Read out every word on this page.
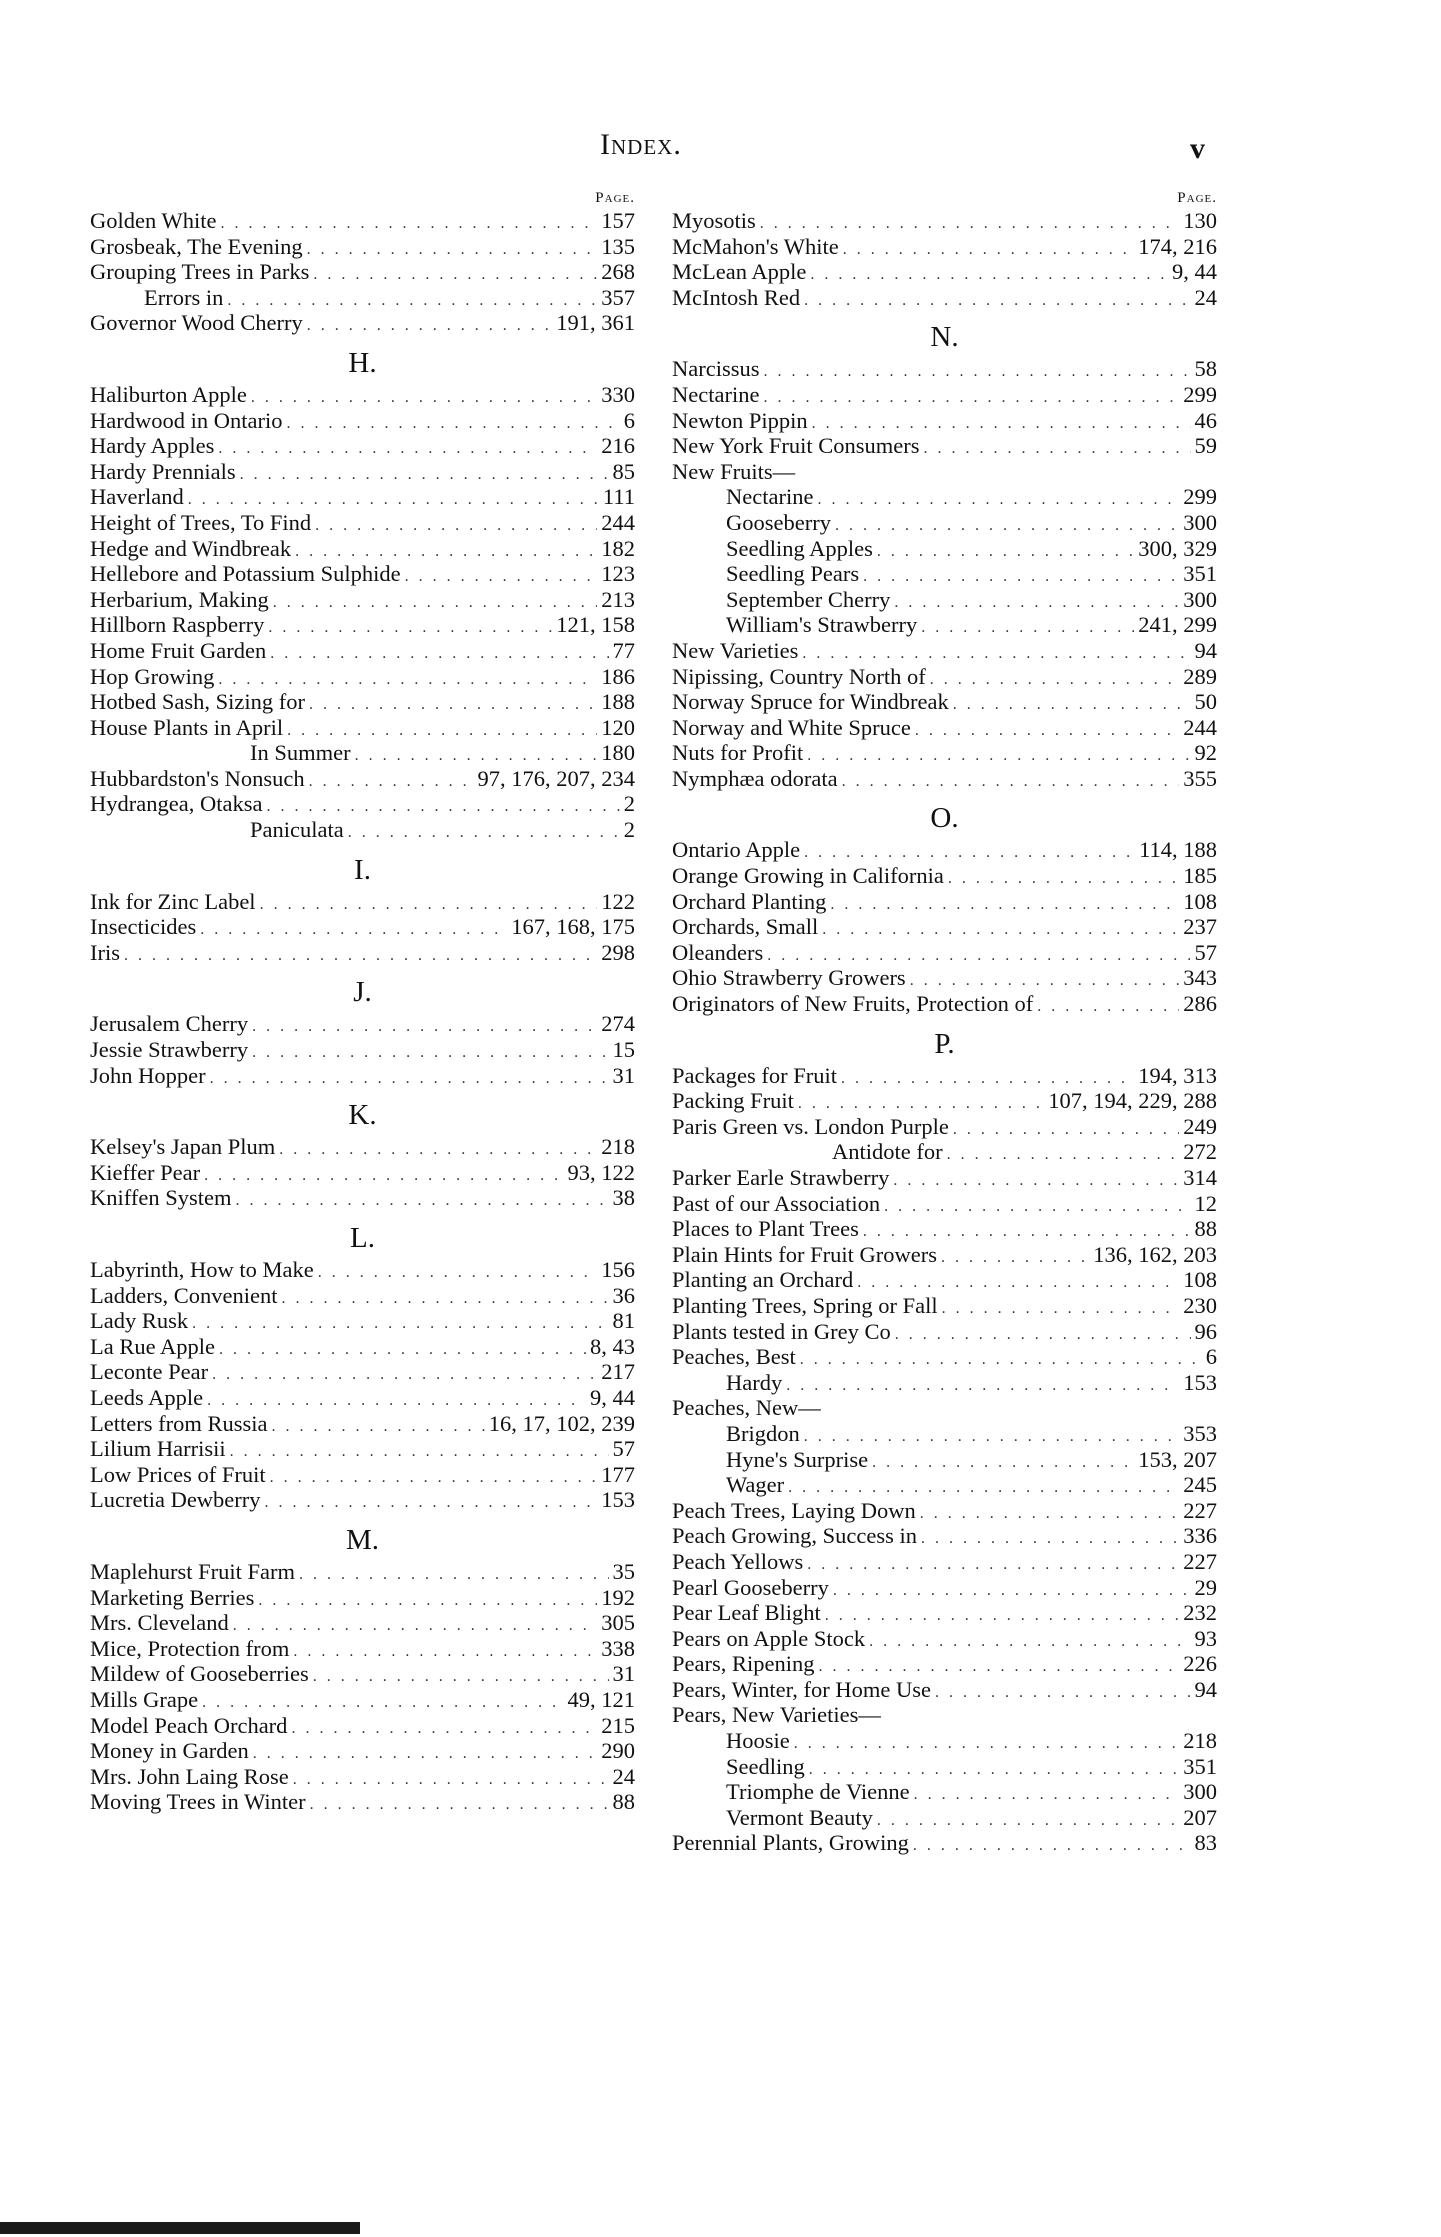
Index.	v
Page.
Golden White . . .	157
Grosbeak, The Evening . . .	135
Grouping Trees in Parks . . .	268
Errors in . . .	357
Governor Wood Cherry . . .	191, 361
H.
Haliburton Apple . . .	330
Hardwood in Ontario . . .	6
Hardy Apples . . .	216
Hardy Prennials . . .	85
Haverland . . .	111
Height of Trees, To Find . . .	244
Hedge and Windbreak . . .	182
Hellebore and Potassium Sulphide . . .	123
Herbarium, Making . . .	213
Hillborn Raspberry . . .	121, 158
Home Fruit Garden . . .	77
Hop Growing . . .	186
Hotbed Sash, Sizing for . . .	188
House Plants in April . . .	120
In Summer . . .	180
Hubbardston's Nonsuch . . .	97, 176, 207, 234
Hydrangea, Otaksa . . .	2
Paniculata . . .	2
I.
Ink for Zinc Label . . .	122
Insecticides . . .	167, 168, 175
Iris . . .	298
J.
Jerusalem Cherry . . .	274
Jessie Strawberry . . .	15
John Hopper . . .	31
K.
Kelsey's Japan Plum . . .	218
Kieffer Pear . . .	93, 122
Kniffen System . . .	38
L.
Labyrinth, How to Make . . .	156
Ladders, Convenient . . .	36
Lady Rusk . . .	81
La Rue Apple . . .	8, 43
Leconte Pear . . .	217
Leeds Apple . . .	9, 44
Letters from Russia . . .	16, 17, 102, 239
Lilium Harrisii . . .	57
Low Prices of Fruit . . .	177
Lucretia Dewberry . . .	153
M.
Maplehurst Fruit Farm . . .	35
Marketing Berries . . .	192
Mrs. Cleveland . . .	305
Mice, Protection from . . .	338
Mildew of Gooseberries . . .	31
Mills Grape . . .	49, 121
Model Peach Orchard . . .	215
Money in Garden . . .	290
Mrs. John Laing Rose . . .	24
Moving Trees in Winter . . .	88
Page.
Myosotis . . .	130
McMahon's White . . .	174, 216
McLean Apple . . .	9, 44
McIntosh Red . . .	24
N.
Narcissus . . .	58
Nectarine . . .	299
Newton Pippin . . .	46
New York Fruit Consumers . . .	59
New Fruits—
Nectarine . . .	299
Gooseberry . . .	300
Seedling Apples . . .	300, 329
Seedling Pears . . .	351
September Cherry . . .	300
William's Strawberry . . .	241, 299
New Varieties . . .	94
Nipissing, Country North of . . .	289
Norway Spruce for Windbreak . . .	50
Norway and White Spruce . . .	244
Nuts for Profit . . .	92
Nymphæa odorata . . .	355
O.
Ontario Apple . . .	114, 188
Orange Growing in California . . .	185
Orchard Planting . . .	108
Orchards, Small . . .	237
Oleanders . . .	57
Ohio Strawberry Growers . . .	343
Originators of New Fruits, Protection of . . .	286
P.
Packages for Fruit . . .	194, 313
Packing Fruit . . .	107, 194, 229, 288
Paris Green vs. London Purple . . .	249
Antidote for . . .	272
Parker Earle Strawberry . . .	314
Past of our Association . . .	12
Places to Plant Trees . . .	88
Plain Hints for Fruit Growers . . .	136, 162, 203
Planting an Orchard . . .	108
Planting Trees, Spring or Fall . . .	230
Plants tested in Grey Co . . .	96
Peaches, Best . . .	6
Hardy . . .	153
Peaches, New—
Brigdon . . .	353
Hyne's Surprise . . .	153, 207
Wager . . .	245
Peach Trees, Laying Down . . .	227
Peach Growing, Success in . . .	336
Peach Yellows . . .	227
Pearl Gooseberry . . .	29
Pear Leaf Blight . . .	232
Pears on Apple Stock . . .	93
Pears, Ripening . . .	226
Pears, Winter, for Home Use . . .	94
Pears, New Varieties—
Hoosie . . .	218
Seedling . . .	351
Triomphe de Vienne . . .	300
Vermont Beauty . . .	207
Perennial Plants, Growing . . .	83
